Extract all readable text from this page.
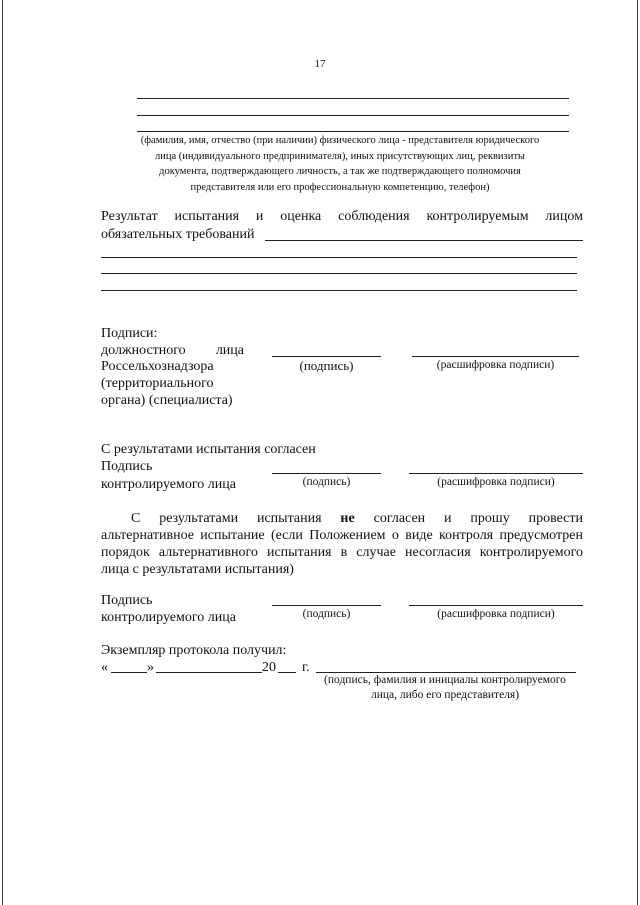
17
(фамилия, имя, отчество (при наличии) физического лица - представителя юридического
лица (индивидуального предпринимателя), иных присутствующих лиц, реквизиты
документа, подтверждающего личность, а так же подтверждающего полномочия
представителя или его профессиональную компетенцию, телефон)
Результат испытания и оценка соблюдения контролируемым лицом
обязательных требований
Подписи:
должностного лица
Россельхознадзора
(территориального
органа) (специалиста)
(подпись)	(расшифровка подписи)
С результатами испытания согласен
Подпись
контролируемого лица	(подпись)	(расшифровка подписи)
С результатами испытания не согласен и прошу провести
альтернативное испытание (если Положением о виде контроля предусмотрен
порядок альтернативного испытания в случае несогласия контролируемого
лица с результатами испытания)
Подпись
контролируемого лица	(подпись)	(расшифровка подписи)
Экземпляр протокола получил:
«	»	20 г.
(подпись, фамилия и инициалы контролируемого
лица, либо его представителя)
